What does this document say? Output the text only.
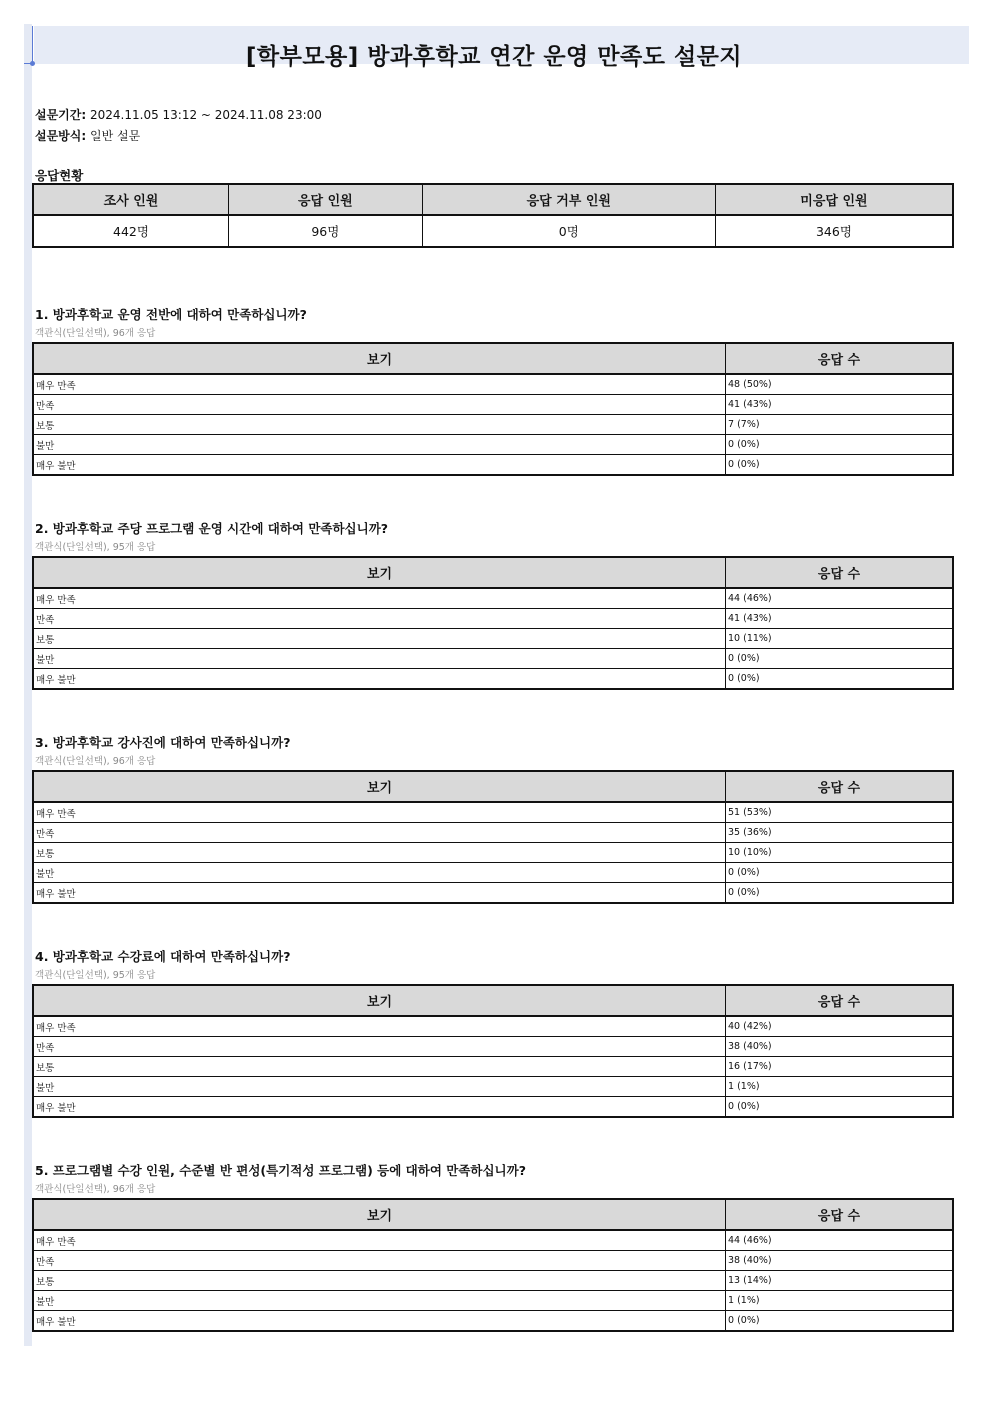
[학부모용] 방과후학교 연간 운영 만족도 설문지
설문기간: 2024.11.05 13:12 ~ 2024.11.08 23:00
설문방식: 일반 설문
응답현황
조사 인원	응답 인원	응답 거부 인원	미응답 인원
442명	96명	0명	346명
1. 방과후학교 운영 전반에 대하여 만족하십니까?
객관식(단일선택), 96개 응답
보기	응답 수
매우 만족	48 (50%)
만족	41 (43%)
보통	7 (7%)
불만	0 (0%)
매우 불만	0 (0%)
2. 방과후학교 주당 프로그램 운영 시간에 대하여 만족하십니까?
객관식(단일선택), 95개 응답
보기	응답 수
매우 만족	44 (46%)
만족	41 (43%)
보통	10 (11%)
불만	0 (0%)
매우 불만	0 (0%)
3. 방과후학교 강사진에 대하여 만족하십니까?
객관식(단일선택), 96개 응답
보기	응답 수
매우 만족	51 (53%)
만족	35 (36%)
보통	10 (10%)
불만	0 (0%)
매우 불만	0 (0%)
4. 방과후학교 수강료에 대하여 만족하십니까?
객관식(단일선택), 95개 응답
보기	응답 수
매우 만족	40 (42%)
만족	38 (40%)
보통	16 (17%)
불만	1 (1%)
매우 불만	0 (0%)
5. 프로그램별 수강 인원, 수준별 반 편성(특기적성 프로그램) 등에 대하여 만족하십니까?
객관식(단일선택), 96개 응답
보기	응답 수
매우 만족	44 (46%)
만족	38 (40%)
보통	13 (14%)
불만	1 (1%)
매우 불만	0 (0%)
